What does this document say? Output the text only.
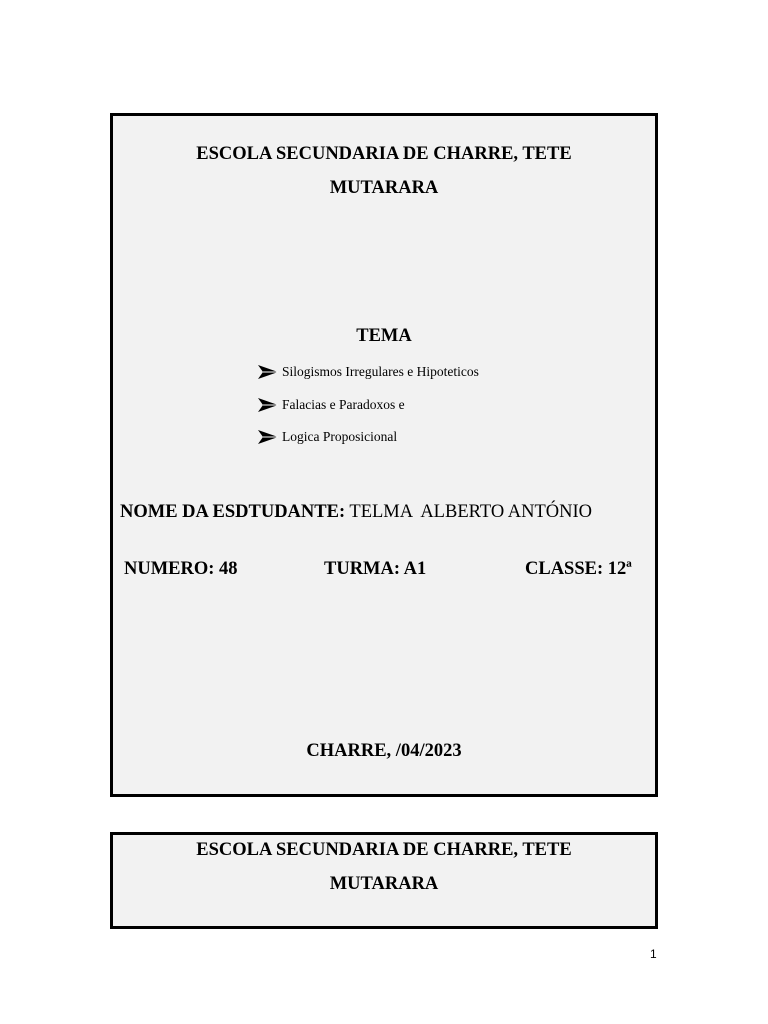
ESCOLA SECUNDARIA DE CHARRE, TETE
MUTARARA
TEMA
Silogismos Irregulares e Hipoteticos
Falacias e Paradoxos e
Logica Proposicional
NOME DA ESDTUDANTE: TELMA  ALBERTO ANTÓNIO
NUMERO: 48	TURMA: A1	CLASSE: 12ª
CHARRE, /04/2023
ESCOLA SECUNDARIA DE CHARRE, TETE
MUTARARA
1
